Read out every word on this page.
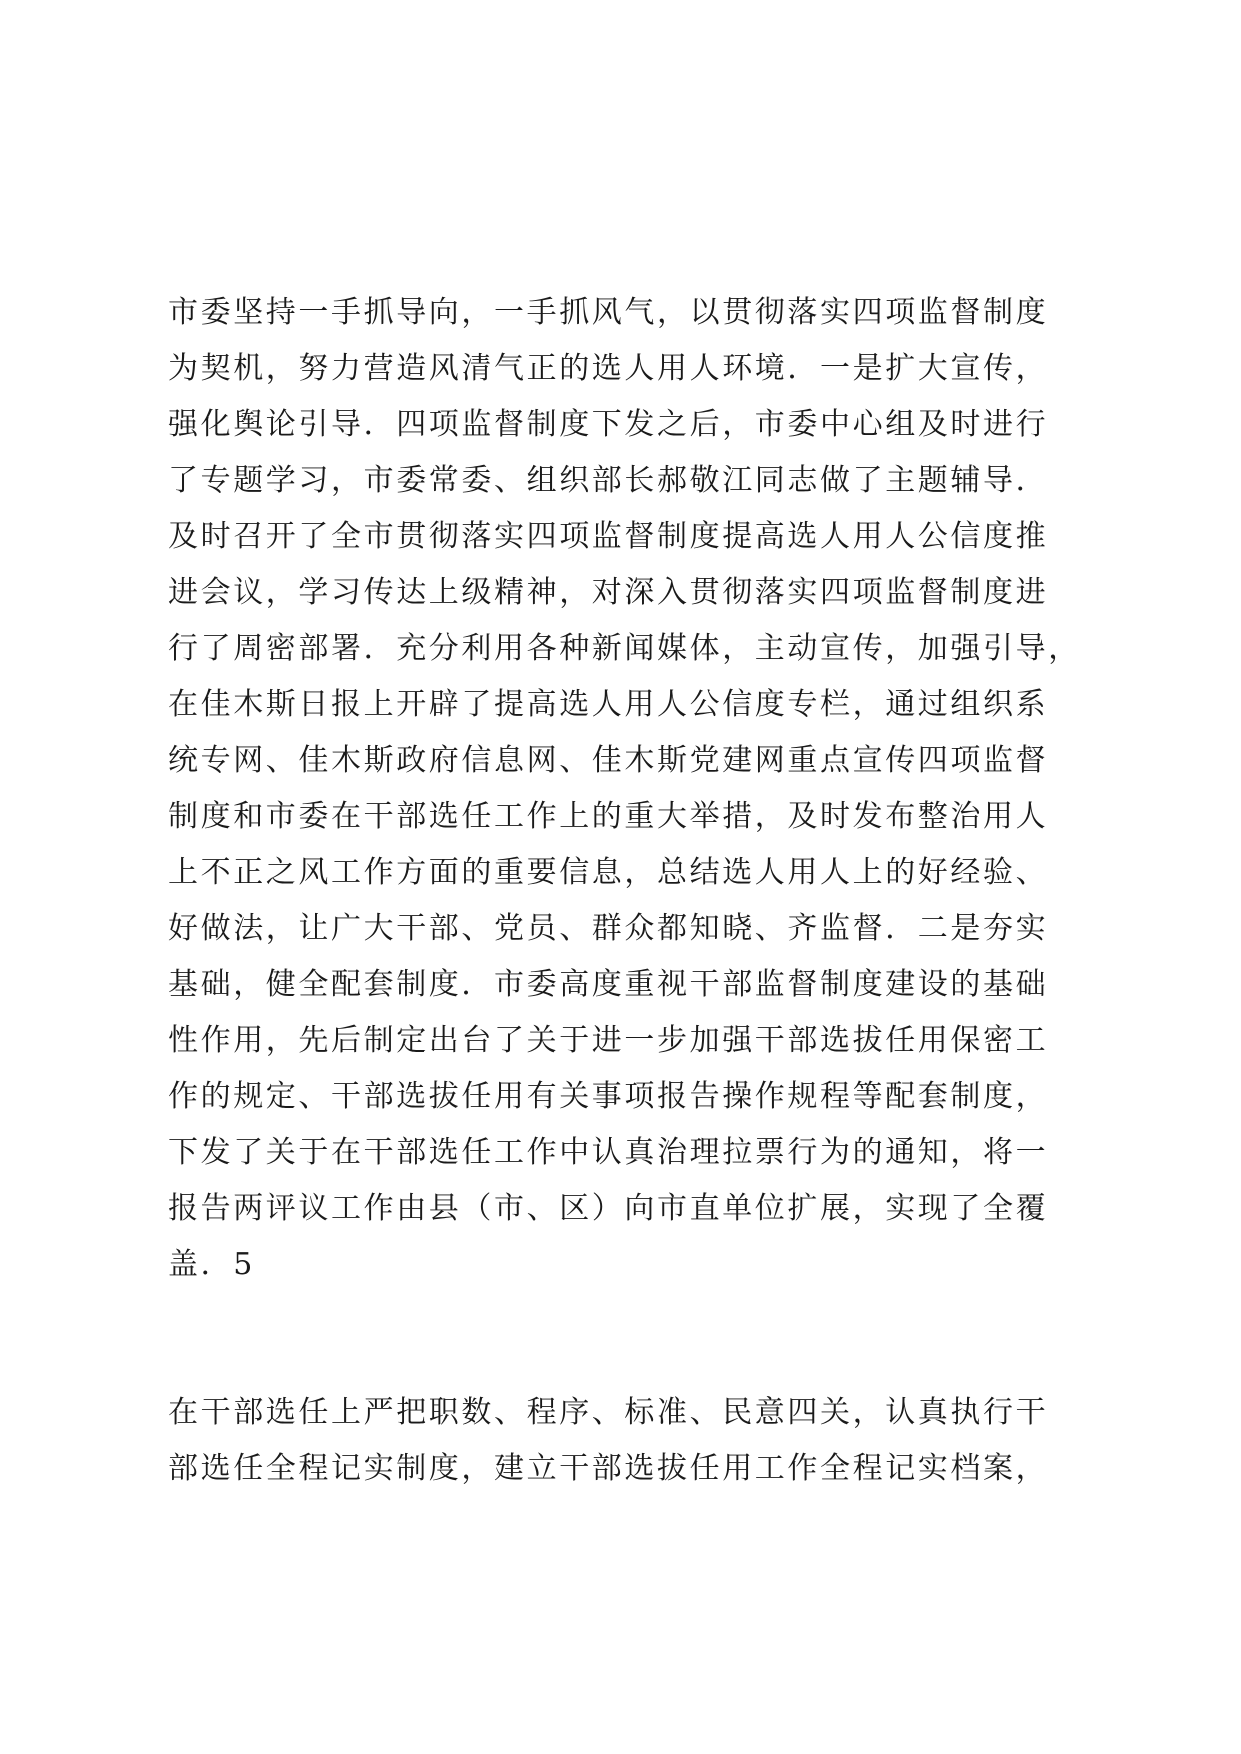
市委坚持一手抓导向，一手抓风气，以贯彻落实四项监督制度
为契机，努力营造风清气正的选人用人环境．一是扩大宣传，
强化舆论引导．四项监督制度下发之后，市委中心组及时进行
了专题学习，市委常委、组织部长郝敬江同志做了主题辅导．
及时召开了全市贯彻落实四项监督制度提高选人用人公信度推
进会议，学习传达上级精神，对深入贯彻落实四项监督制度进
行了周密部署．充分利用各种新闻媒体，主动宣传，加强引导，
在佳木斯日报上开辟了提高选人用人公信度专栏，通过组织系
统专网、佳木斯政府信息网、佳木斯党建网重点宣传四项监督
制度和市委在干部选任工作上的重大举措，及时发布整治用人
上不正之风工作方面的重要信息，总结选人用人上的好经验、
好做法，让广大干部、党员、群众都知晓、齐监督．二是夯实
基础，健全配套制度．市委高度重视干部监督制度建设的基础
性作用，先后制定出台了关于进一步加强干部选拔任用保密工
作的规定、干部选拔任用有关事项报告操作规程等配套制度，
下发了关于在干部选任工作中认真治理拉票行为的通知，将一
报告两评议工作由县（市、区）向市直单位扩展，实现了全覆
盖．5
在干部选任上严把职数、程序、标准、民意四关，认真执行干
部选任全程记实制度，建立干部选拔任用工作全程记实档案，
